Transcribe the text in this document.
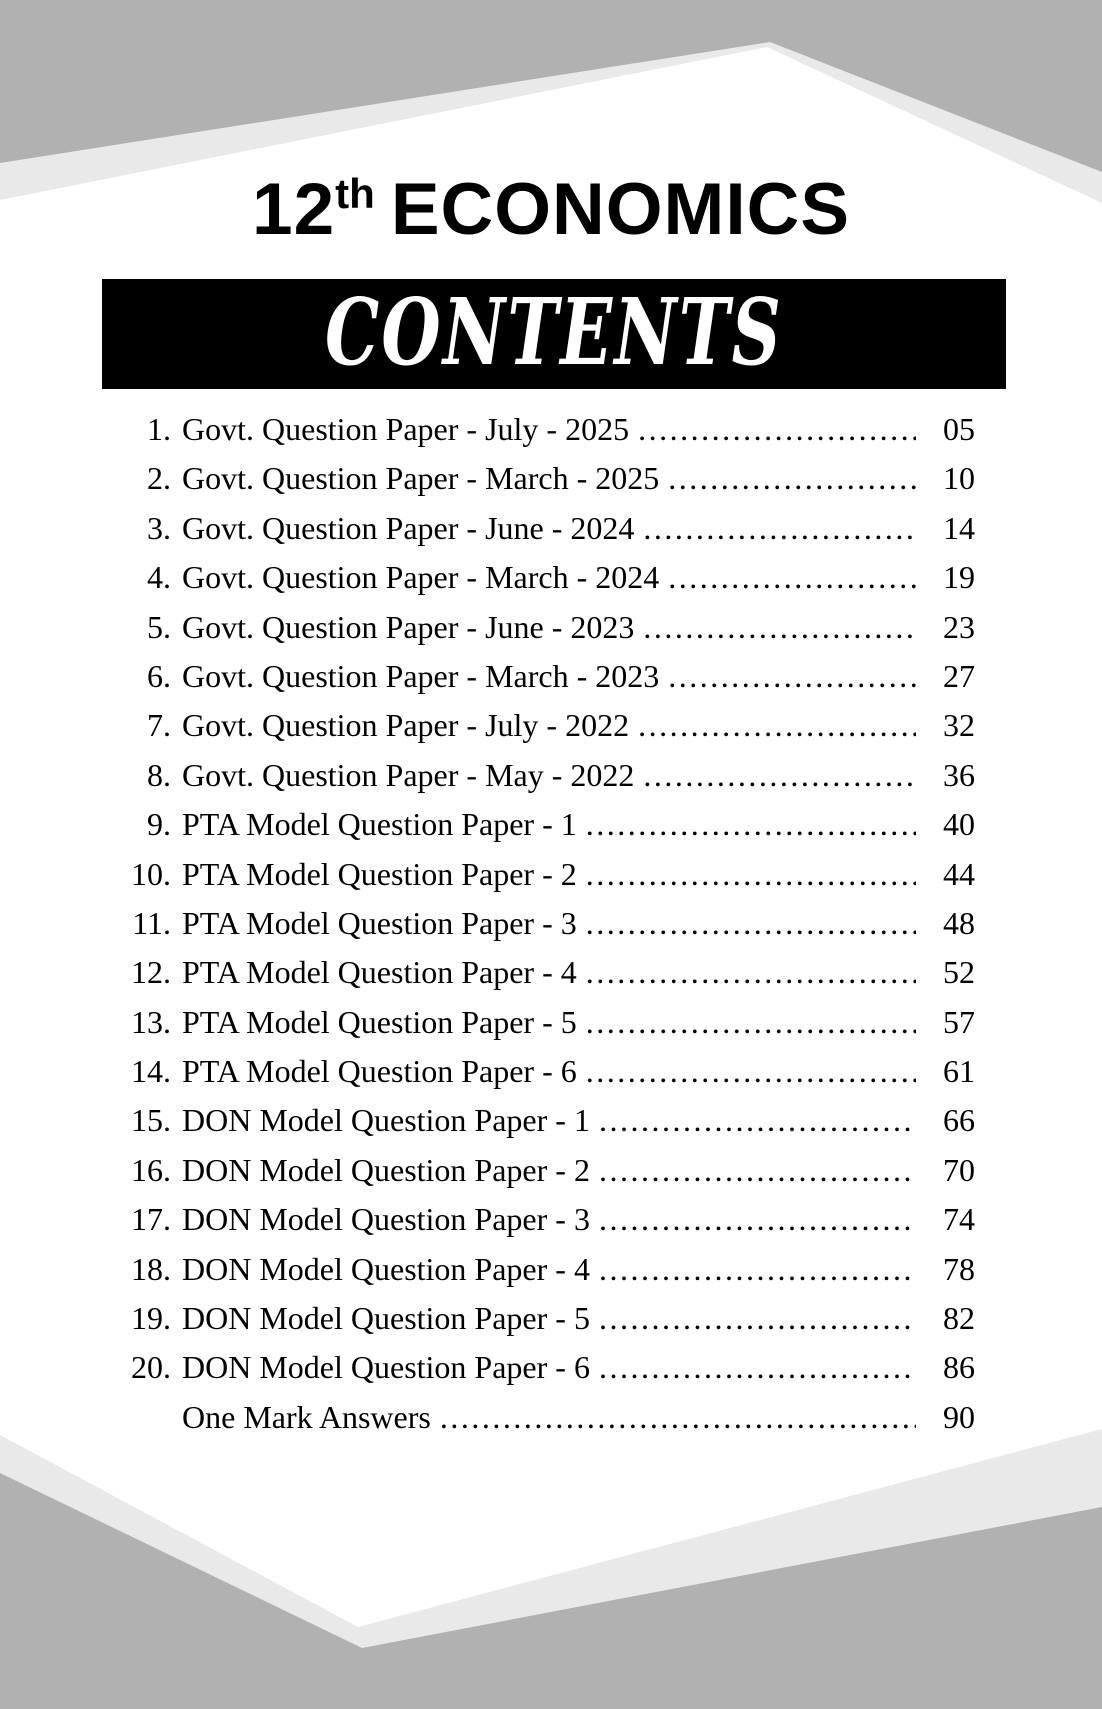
12th ECONOMICS
CONTENTS
1. Govt. Question Paper - July - 2025 .....	05
2. Govt. Question Paper - March - 2025 .....	10
3. Govt. Question Paper - June - 2024 .....	14
4. Govt. Question Paper - March - 2024 .....	19
5. Govt. Question Paper - June - 2023 .....	23
6. Govt. Question Paper - March - 2023 .....	27
7. Govt. Question Paper - July - 2022 .....	32
8. Govt. Question Paper - May - 2022 .....	36
9. PTA Model Question Paper - 1 .....	40
10. PTA Model Question Paper - 2 .....	44
11. PTA Model Question Paper - 3 .....	48
12. PTA Model Question Paper - 4 .....	52
13. PTA Model Question Paper - 5 .....	57
14. PTA Model Question Paper - 6 .....	61
15. DON Model Question Paper - 1 .....	66
16. DON Model Question Paper - 2 .....	70
17. DON Model Question Paper - 3 .....	74
18. DON Model Question Paper - 4 .....	78
19. DON Model Question Paper - 5 .....	82
20. DON Model Question Paper - 6 .....	86
One Mark Answers .....	90
